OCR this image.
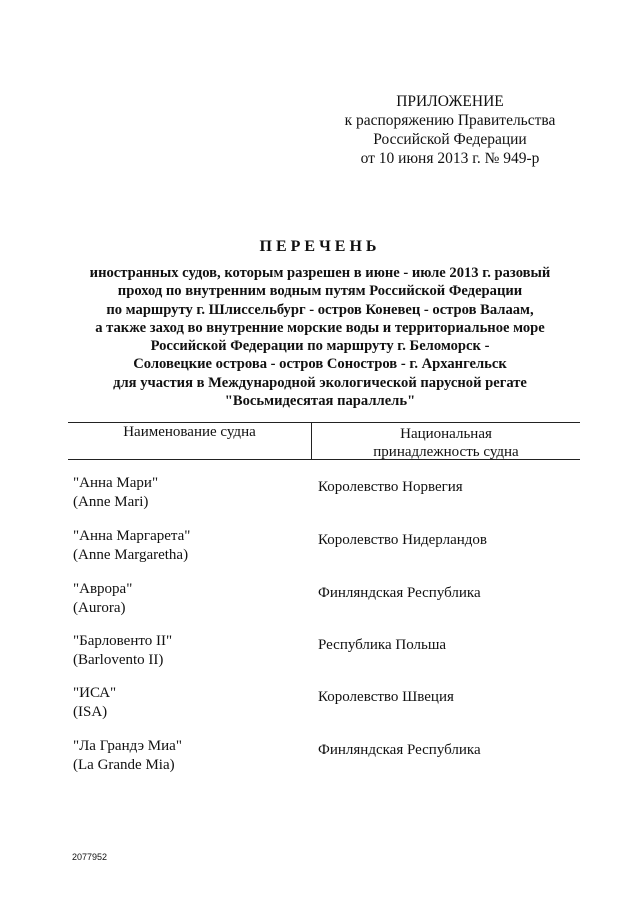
ПРИЛОЖЕНИЕ
к распоряжению Правительства
Российской Федерации
от 10 июня 2013 г. № 949-р
ПЕРЕЧЕНЬ
иностранных судов, которым разрешен в июне - июле 2013 г. разовый
проход по внутренним водным путям Российской Федерации
по маршруту г. Шлиссельбург - остров Коневец - остров Валаам,
а также заход во внутренние морские воды и территориальное море
Российской Федерации по маршруту г. Беломорск -
Соловецкие острова - остров Соностров - г. Архангельск
для участия в Международной экологической парусной регате
"Восьмидесятая параллель"
Наименование судна	Национальная
принадлежность судна
"Анна Мари"
(Anne Mari)
Королевство Норвегия
"Анна Маргарета"
(Anne Margaretha)
Королевство Нидерландов
"Аврора"
(Aurora)
Финляндская Республика
"Барловенто II"
(Barlovento II)
Республика Польша
"ИСА"
(ISA)
Королевство Швеция
"Ла Грандэ Миа"
(La Grande Mia)
Финляндская Республика
2077952
